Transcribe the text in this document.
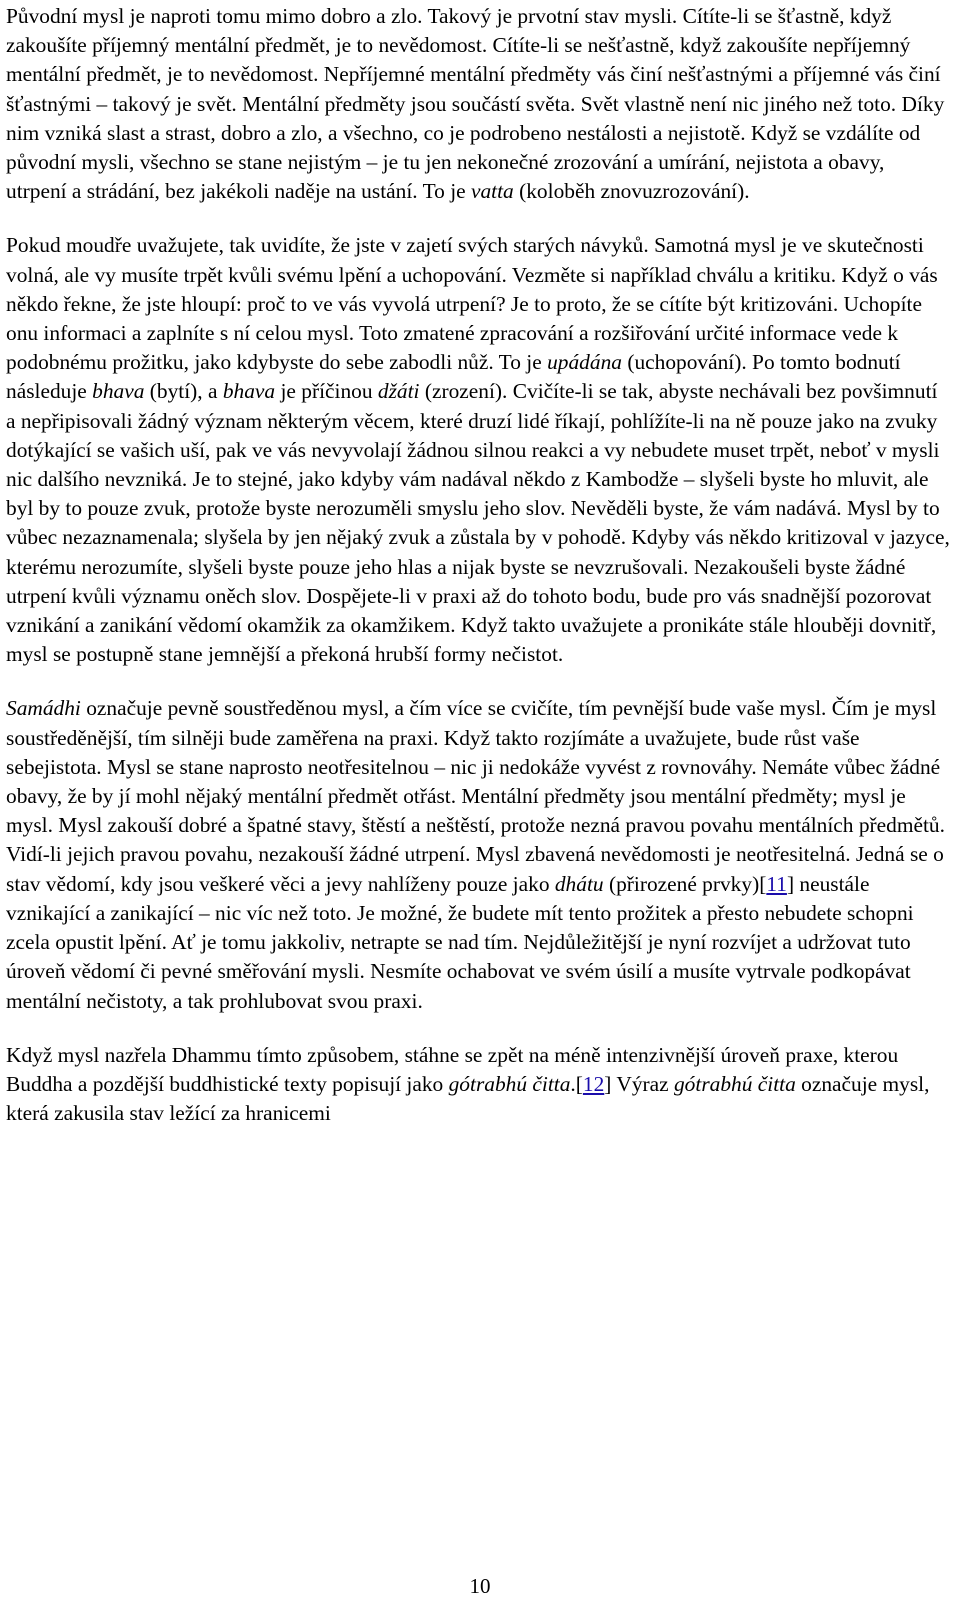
Původní mysl je naproti tomu mimo dobro a zlo. Takový je prvotní stav mysli. Cítíte-li se šťastně, když zakoušíte příjemný mentální předmět, je to nevědomost. Cítíte-li se nešťastně, když zakoušíte nepříjemný mentální předmět, je to nevědomost. Nepříjemné mentální předměty vás činí nešťastnými a příjemné vás činí šťastnými – takový je svět. Mentální předměty jsou součástí světa. Svět vlastně není nic jiného než toto. Díky nim vzniká slast a strast, dobro a zlo, a všechno, co je podrobeno nestálosti a nejistotě. Když se vzdálíte od původní mysli, všechno se stane nejistým – je tu jen nekonečné zrozování a umírání, nejistota a obavy, utrpení a strádání, bez jakékoli naděje na ustání. To je vatta (koloběh znovuzrozování).

Pokud moudře uvažujete, tak uvidíte, že jste v zajetí svých starých návyků. Samotná mysl je ve skutečnosti volná, ale vy musíte trpět kvůli svému lpění a uchopování. Vezměte si například chválu a kritiku. Když o vás někdo řekne, že jste hloupí: proč to ve vás vyvolá utrpení? Je to proto, že se cítíte být kritizováni. Uchopíte onu informaci a zaplníte s ní celou mysl. Toto zmatené zpracování a rozšiřování určité informace vede k podobnému prožitku, jako kdybyste do sebe zabodli nůž. To je upádána (uchopování). Po tomto bodnutí následuje bhava (bytí), a bhava je příčinou džáti (zrození). Cvičíte-li se tak, abyste nechávali bez povšimnutí a nepřipisovali žádný význam některým věcem, které druzí lidé říkají, pohlížíte-li na ně pouze jako na zvuky dotýkající se vašich uší, pak ve vás nevyvolají žádnou silnou reakci a vy nebudete muset trpět, neboť v mysli nic dalšího nevzniká. Je to stejné, jako kdyby vám nadával někdo z Kambodže – slyšeli byste ho mluvit, ale byl by to pouze zvuk, protože byste nerozuměli smyslu jeho slov. Nevěděli byste, že vám nadává. Mysl by to vůbec nezaznamenala; slyšela by jen nějaký zvuk a zůstala by v pohodě. Kdyby vás někdo kritizoval v jazyce, kterému nerozumíte, slyšeli byste pouze jeho hlas a nijak byste se nevzrušovali. Nezakoušeli byste žádné utrpení kvůli významu oněch slov. Dospějete-li v praxi až do tohoto bodu, bude pro vás snadnější pozorovat vznikání a zanikání vědomí okamžik za okamžikem. Když takto uvažujete a pronikáte stále hlouběji dovnitř, mysl se postupně stane jemnější a překoná hrubší formy nečistot.

Samádhi označuje pevně soustředěnou mysl, a čím více se cvičíte, tím pevnější bude vaše mysl. Čím je mysl soustředěnější, tím silněji bude zaměřena na praxi. Když takto rozjímáte a uvažujete, bude růst vaše sebejistota. Mysl se stane naprosto neotřesitelnou – nic ji nedokáže vyvést z rovnováhy. Nemáte vůbec žádné obavy, že by jí mohl nějaký mentální předmět otřást. Mentální předměty jsou mentální předměty; mysl je mysl. Mysl zakouší dobré a špatné stavy, štěstí a neštěstí, protože nezná pravou povahu mentálních předmětů. Vidí-li jejich pravou povahu, nezakouší žádné utrpení. Mysl zbavená nevědomosti je neotřesitelná. Jedná se o stav vědomí, kdy jsou veškeré věci a jevy nahlíženy pouze jako dhátu (přirozené prvky)[11] neustále vznikající a zanikající – nic víc než toto. Je možné, že budete mít tento prožitek a přesto nebudete schopni zcela opustit lpění. Ať je tomu jakkoliv, netrapte se nad tím. Nejdůležitější je nyní rozvíjet a udržovat tuto úroveň vědomí či pevné směřování mysli. Nesmíte ochabovat ve svém úsilí a musíte vytrvale podkopávat mentální nečistoty, a tak prohlubovat svou praxi.

Když mysl nazřela Dhammu tímto způsobem, stáhne se zpět na méně intenzivnější úroveň praxe, kterou Buddha a pozdější buddhistické texty popisují jako gótrabhú čitta.[12] Výraz gótrabhú čitta označuje mysl, která zakusila stav ležící za hranicemi

10
